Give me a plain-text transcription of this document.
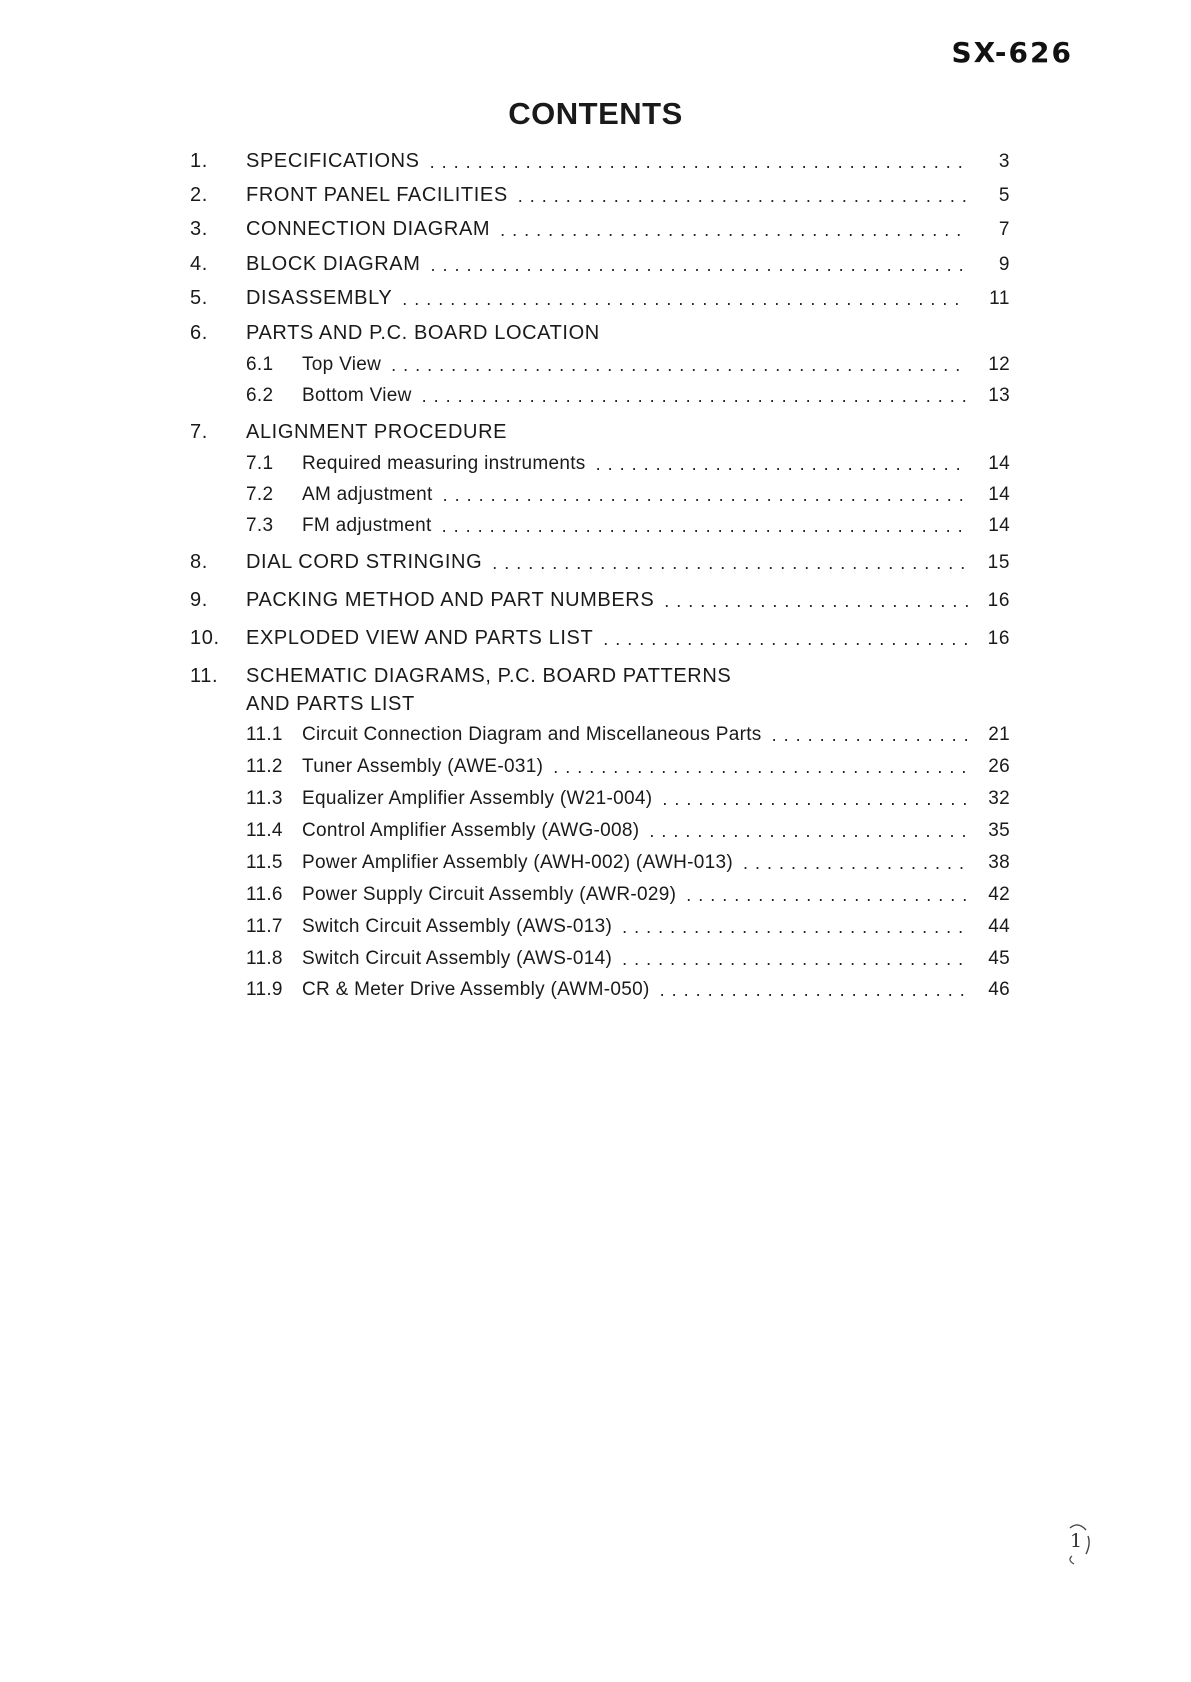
SX-626
CONTENTS
1.	SPECIFICATIONS . . .	3
2.	FRONT PANEL FACILITIES . . .	5
3.	CONNECTION DIAGRAM . . .	7
4.	BLOCK DIAGRAM . . .	9
5.	DISASSEMBLY . . .	11
6.	PARTS AND P.C. BOARD LOCATION
6.1	Top View . . .	12
6.2	Bottom View . . .	13
7.	ALIGNMENT PROCEDURE
7.1	Required measuring instruments . . .	14
7.2	AM adjustment . . .	14
7.3	FM adjustment . . .	14
8.	DIAL CORD STRINGING . . .	15
9.	PACKING METHOD AND PART NUMBERS . . .	16
10.	EXPLODED VIEW AND PARTS LIST . . .	16
11.	SCHEMATIC DIAGRAMS, P.C. BOARD PATTERNS
AND PARTS LIST
11.1	Circuit Connection Diagram and Miscellaneous Parts . . .	21
11.2	Tuner Assembly (AWE-031) . . .	26
11.3	Equalizer Amplifier Assembly (W21-004) . . .	32
11.4	Control Amplifier Assembly (AWG-008) . . .	35
11.5	Power Amplifier Assembly (AWH-002) (AWH-013) . . .	38
11.6	Power Supply Circuit Assembly (AWR-029) . . .	42
11.7	Switch Circuit Assembly (AWS-013) . . .	44
11.8	Switch Circuit Assembly (AWS-014) . . .	45
11.9	CR & Meter Drive Assembly (AWM-050) . . .	46
1
